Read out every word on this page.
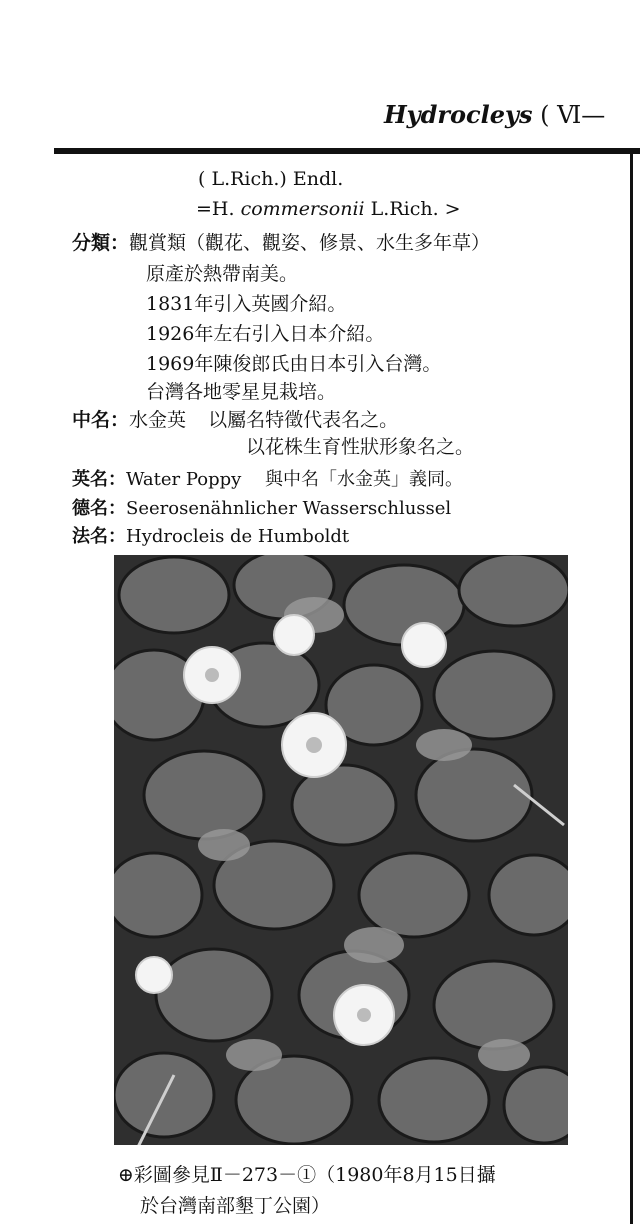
Hydrocleys ( Ⅵ—
( L.Rich.) Endl.
=H. commersonii L.Rich. >
分類：觀賞類（觀花、觀姿、修景、水生多年草）
原產於熱帶南美。
1831年引入英國介紹。
1926年左右引入日本介紹。
1969年陳俊郎氏由日本引入台灣。
台灣各地零星見栽培。
中名：水金英 以屬名特徵代表名之。
以花株生育性狀形象名之。
英名：Water Poppy 與中名「水金英」義同。
德名：Seerosenähnlicher Wasserschlussel
法名：Hydrocleis de Humboldt
⊕彩圖參見Ⅱ－273－①（1980年8月15日攝
於台灣南部墾丁公園）
